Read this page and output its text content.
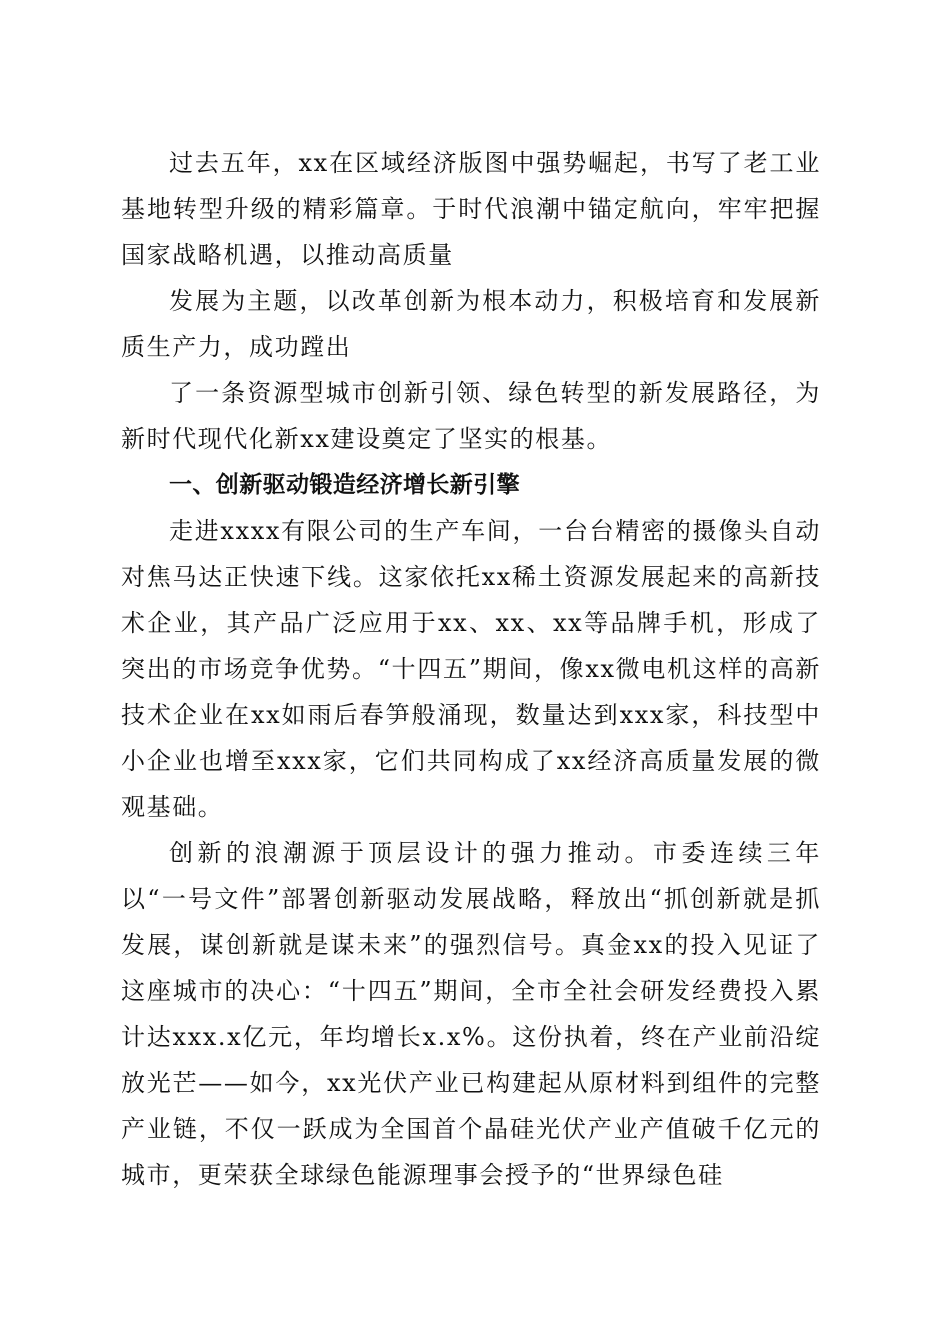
过去五年，xx在区域经济版图中强势崛起，书写了老工业基地转型升级的精彩篇章。于时代浪潮中锚定航向，牢牢把握国家战略机遇，以推动高质量

发展为主题，以改革创新为根本动力，积极培育和发展新质生产力，成功蹚出

了一条资源型城市创新引领、绿色转型的新发展路径，为新时代现代化新xx建设奠定了坚实的根基。

一、创新驱动锻造经济增长新引擎

走进xxxx有限公司的生产车间，一台台精密的摄像头自动对焦马达正快速下线。这家依托xx稀土资源发展起来的高新技术企业，其产品广泛应用于xx、xx、xx等品牌手机，形成了突出的市场竞争优势。“十四五”期间，像xx微电机这样的高新技术企业在xx如雨后春笋般涌现，数量达到xxx家，科技型中小企业也增至xxx家，它们共同构成了xx经济高质量发展的微观基础。

创新的浪潮源于顶层设计的强力推动。市委连续三年以“一号文件”部署创新驱动发展战略，释放出“抓创新就是抓发展，谋创新就是谋未来”的强烈信号。真金xx的投入见证了这座城市的决心：“十四五”期间，全市全社会研发经费投入累计达xxx.x亿元，年均增长x.x%。这份执着，终在产业前沿绽放光芒——如今，xx光伏产业已构建起从原材料到组件的完整产业链，不仅一跃成为全国首个晶硅光伏产业产值破千亿元的城市，更荣获全球绿色能源理事会授予的“世界绿色硅
